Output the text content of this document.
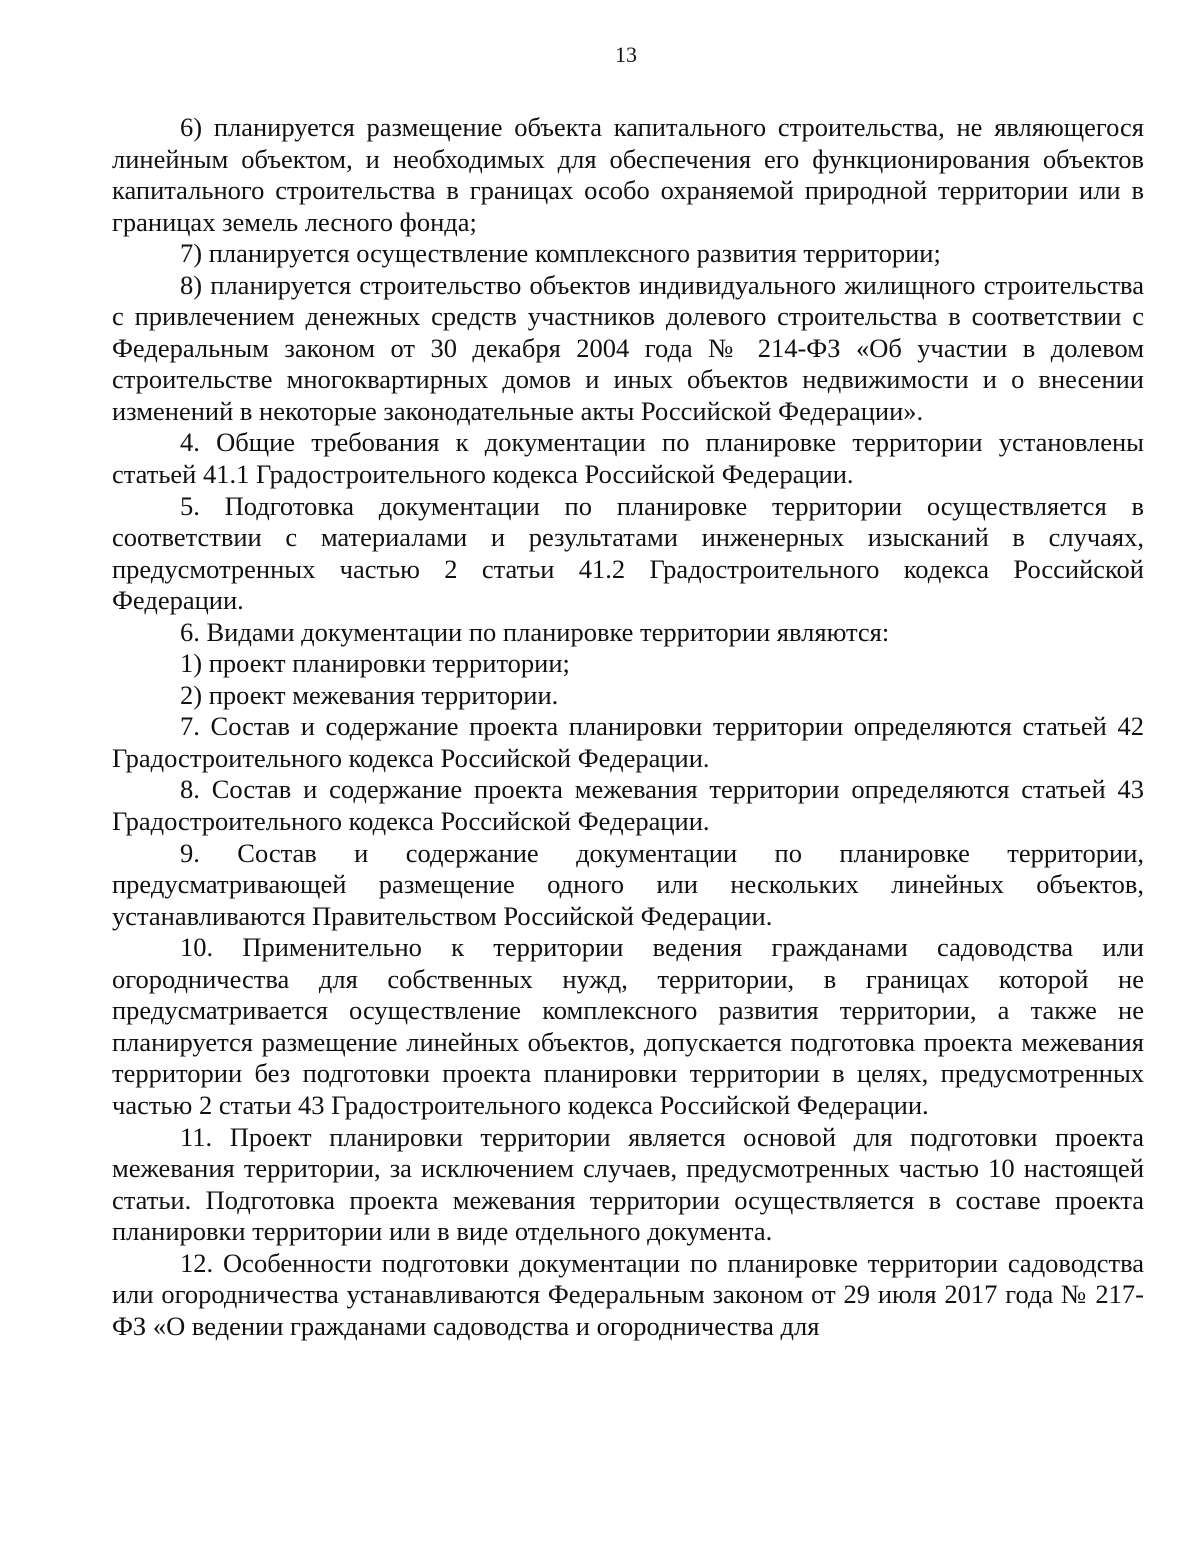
13

6) планируется размещение объекта капитального строительства, не являющегося линейным объектом, и необходимых для обеспечения его функционирования объектов капитального строительства в границах особо охраняемой природной территории или в границах земель лесного фонда;

7) планируется осуществление комплексного развития территории;

8) планируется строительство объектов индивидуального жилищного строительства с привлечением денежных средств участников долевого строительства в соответствии с Федеральным законом от 30 декабря 2004 года № 214-ФЗ «Об участии в долевом строительстве многоквартирных домов и иных объектов недвижимости и о внесении изменений в некоторые законодательные акты Российской Федерации».

4. Общие требования к документации по планировке территории установлены статьей 41.1 Градостроительного кодекса Российской Федерации.

5. Подготовка документации по планировке территории осуществляется в соответствии с материалами и результатами инженерных изысканий в случаях, предусмотренных частью 2 статьи 41.2 Градостроительного кодекса Российской Федерации.

6. Видами документации по планировке территории являются:

1) проект планировки территории;

2) проект межевания территории.

7. Состав и содержание проекта планировки территории определяются статьей 42 Градостроительного кодекса Российской Федерации.

8. Состав и содержание проекта межевания территории определяются статьей 43 Градостроительного кодекса Российской Федерации.

9. Состав и содержание документации по планировке территории, предусматривающей размещение одного или нескольких линейных объектов, устанавливаются Правительством Российской Федерации.

10. Применительно к территории ведения гражданами садоводства или огородничества для собственных нужд, территории, в границах которой не предусматривается осуществление комплексного развития территории, а также не планируется размещение линейных объектов, допускается подготовка проекта межевания территории без подготовки проекта планировки территории в целях, предусмотренных частью 2 статьи 43 Градостроительного кодекса Российской Федерации.

11. Проект планировки территории является основой для подготовки проекта межевания территории, за исключением случаев, предусмотренных частью 10 настоящей статьи. Подготовка проекта межевания территории осуществляется в составе проекта планировки территории или в виде отдельного документа.

12. Особенности подготовки документации по планировке территории садоводства или огородничества устанавливаются Федеральным законом от 29 июля 2017 года № 217-ФЗ «О ведении гражданами садоводства и огородничества для
